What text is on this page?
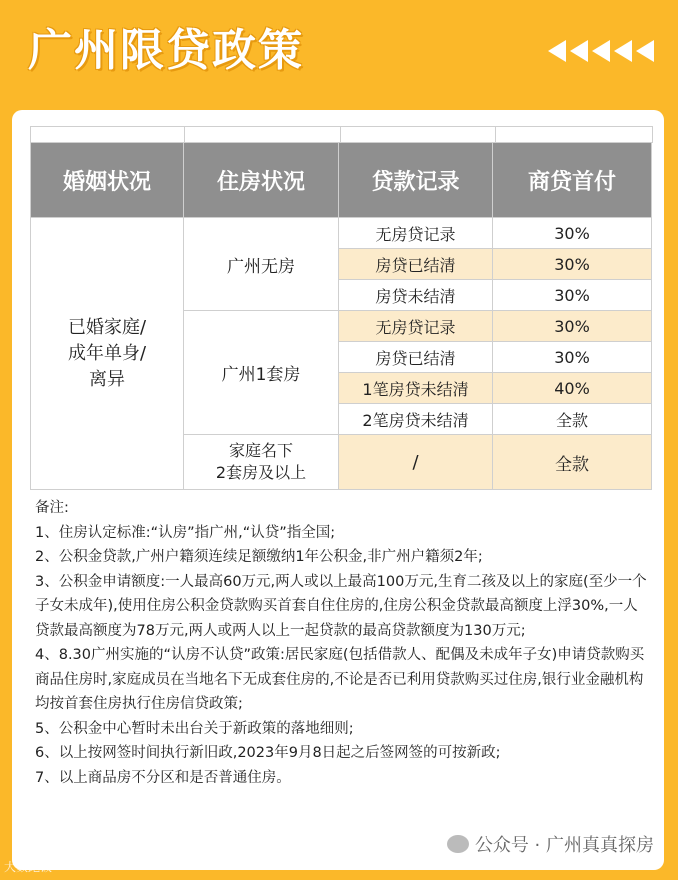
广州限贷政策
婚姻状况	住房状况	贷款记录	商贷首付
已婚家庭/
成年单身/
离异	广州无房	无房贷记录	30%
		房贷已结清	30%
		房贷未结清	30%
	广州1套房	无房贷记录	30%
		房贷已结清	30%
		1笔房贷未结清	40%
		2笔房贷未结清	全款
	家庭名下
2套房及以上	/	全款

备注:

1、住房认定标准:“认房”指广州,“认贷”指全国;

2、公积金贷款,广州户籍须连续足额缴纳1年公积金,非广州户籍须2年;

3、公积金申请额度:一人最高60万元,两人或以上最高100万元,生育二孩及以上的家庭(至少一个子女未成年),使用住房公积金贷款购买首套自住住房的,住房公积金贷款最高额度上浮30%,一人贷款最高额度为78万元,两人或两人以上一起贷款的最高贷款额度为130万元;

4、8.30广州实施的“认房不认贷”政策:居民家庭(包括借款人、配偶及未成年子女)申请贷款购买商品住房时,家庭成员在当地名下无成套住房的,不论是否已利用贷款购买过住房,银行业金融机构均按首套住房执行住房信贷政策;

5、公积金中心暂时未出台关于新政策的落地细则;

6、以上按网签时间执行新旧政,2023年9月8日起之后签网签的可按新政;

7、以上商品房不分区和是否普通住房。

公众号 · 广州真真探房
大数跑饭
